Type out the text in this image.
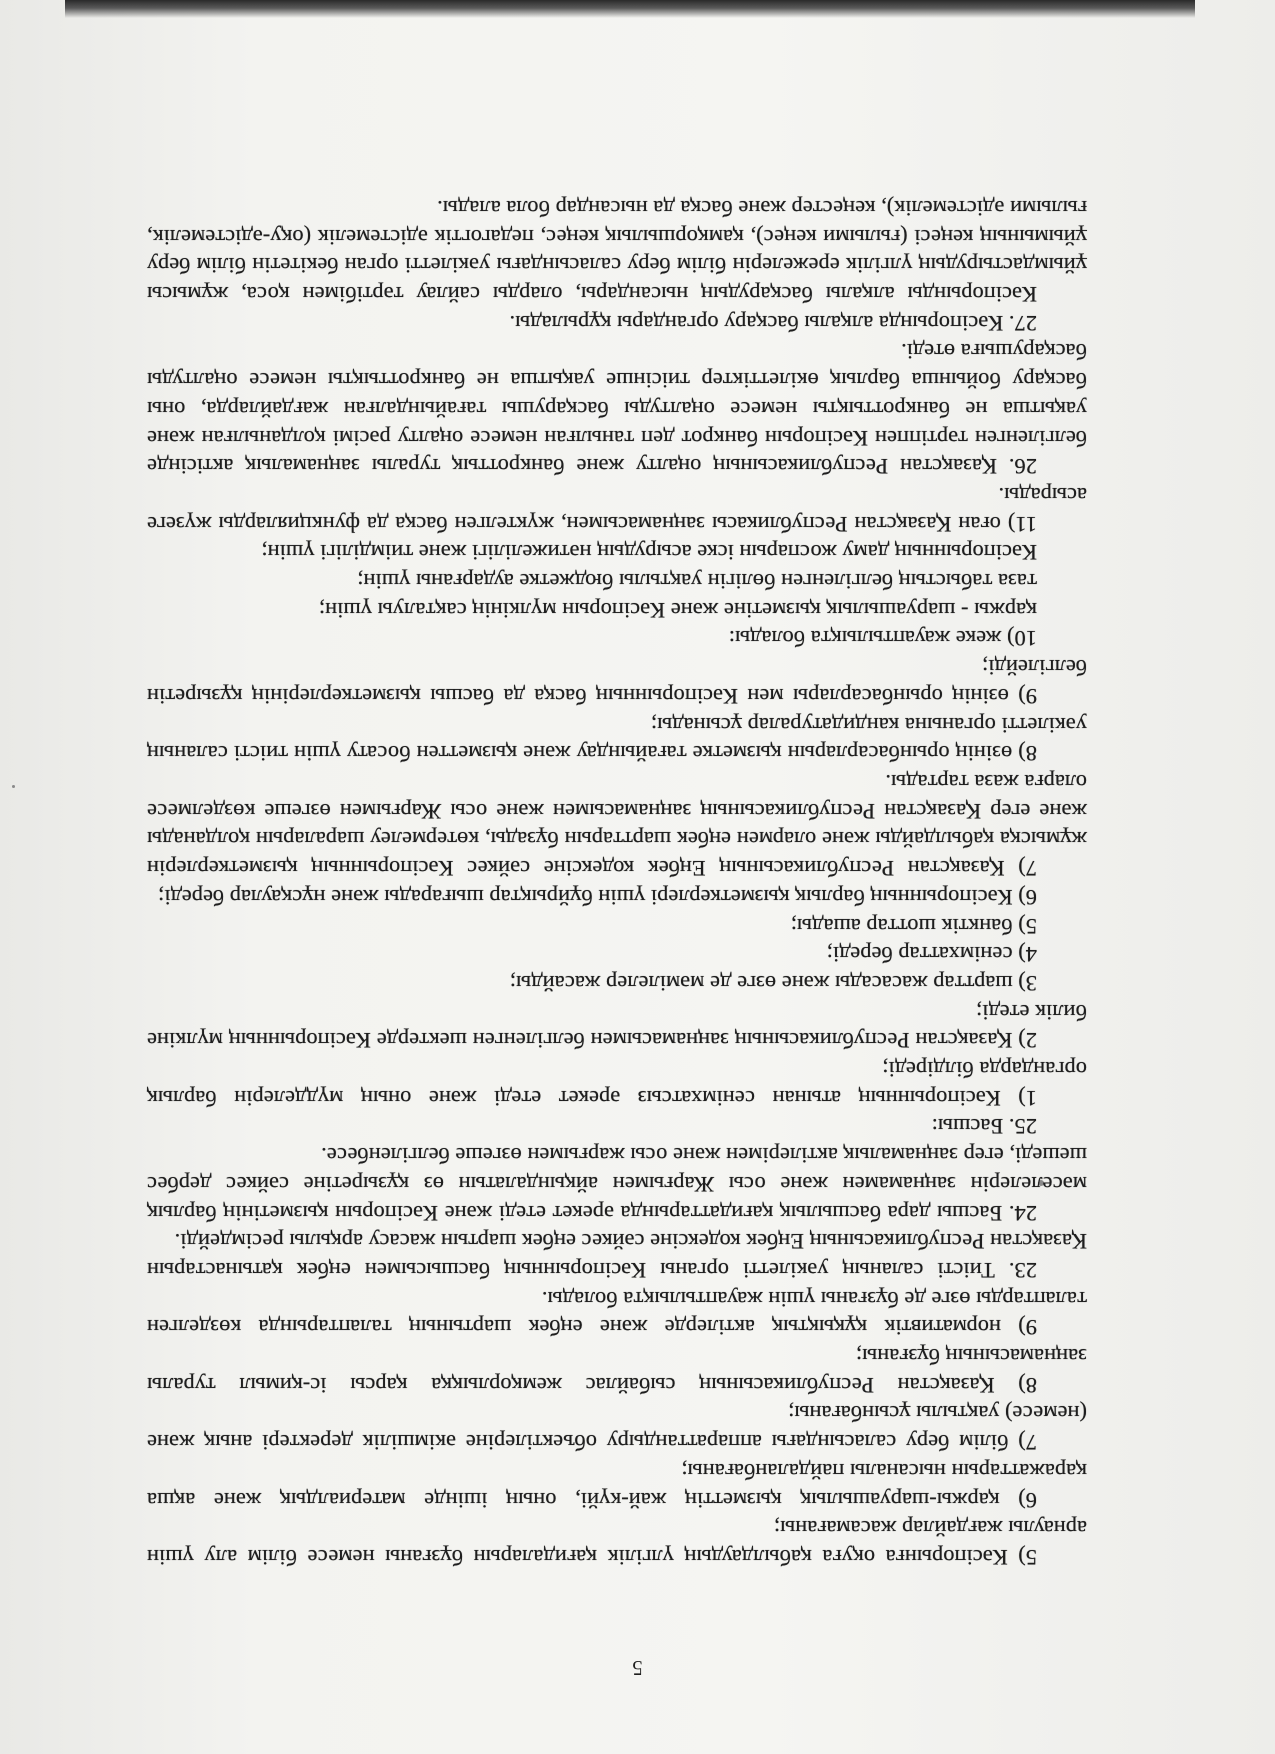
5) Кәсіпорынға оқуға қабылдаудың үлгілік қағидаларын бұзғаны немесе білім алу үшін арнаулы жағдайлар жасамағаны;

6) қаржы-шаруашылық қызметтің жай-күйі, оның ішінде материалдық және ақша қаражаттарын нысаналы пайдаланбағаны;

7) білім беру саласындағы аппараттандыру объектілеріне әкімшілік деректері анық және (немесе) уақтылы ұсынбағаны;

8) Қазақстан Республикасының сыбайлас жемқорлыққа қарсы іс-қимыл туралы заңнамасының бұзғаны;

9) нормативтік құқықтық актілерде және еңбек шартының талаптарында көзделген талаптарды өзге де бұзғаны үшін жауаптылықта болады.

23. Тиісті саланың уәкілетті органы Кәсіпорынның басшысымен еңбек қатынастарын Қазақстан Республикасының Еңбек кодексіне сәйкес еңбек шартын жасасу арқылы ресімдейді.

24. Басшы дара басшылық қағидаттарында әрекет етеді және Кәсіпорын қызметінің барлық мәселелерін заңнамамен және осы Жарғымен айқындалатын өз құзыретіне сәйкес дербес шешеді, егер заңнамалық актілерімен және осы жарғымен өзгеше белгіленбесе.

25. Басшы:

1) Кәсіпорынның атынан сенімхатсыз әрекет етеді және оның мүдделерін барлық органдарда білдіреді;

2) Қазақстан Республикасының заңнамасымен белгіленген шектерде Кәсіпорынның мүлкіне билік етеді;

3) шарттар жасасады және өзге де мәмілелер жасайды;

4) сенімхаттар береді;

5) банктік шоттар ашады;

6) Кәсіпорынның барлық қызметкерлері үшін бұйрықтар шығарады және нұсқаулар береді;

7) Қазақстан Республикасының Еңбек кодексіне сәйкес Кәсіпорынның қызметкерлерін жұмысқа қабылдайды және олармен еңбек шарттарын бұзады, көтермелеу шараларын қолданады және егер Қазақстан Республикасының заңнамасымен және осы Жарғымен өзгеше көзделмесе оларға жаза тартады.

8) өзінің орынбасарларын қызметке тағайындау және қызметтен босату үшін тиісті саланың уәкілетті органына кандидатуралар ұсынады;

9) өзінің орынбасарлары мен Кәсіпорынның басқа да басшы қызметкерлерінің құзыретін белгілейді;

10) жеке жауаптылықта болады:

қаржы - шаруашылық қызметіне және Кәсіпорын мүлкінің сақталуы үшін;

таза табыстың белгіленген бөлігін уақтылы бюджетке аударғаны үшін;

Кәсіпорынның даму жоспарын іске асырудың нәтижелілігі және тиімділігі үшін;

11) оған Қазақстан Республикасы заңнамасымен, жүктелген басқа да функцияларды жүзеге асырады.

26. Қазақстан Республикасының оңалту және банкроттық туралы заңнамалық актісінде белгіленген тәртіппен Кәсіпорын банкрот деп танылған немесе оңалту рәсімі қолданылған және уақытша не банкроттықты немесе оңалтуды басқарушы тағайындалған жағдайларда, оны басқару бойынша барлық өкілеттіктер тиісінше уақытша не банкроттықты немесе оңалтуды басқарушыға өтеді.

27. Кәсіпорында алқалы басқару органдары құрылады.

Кәсіпорынды алқалы басқарудың нысандары, оларды сайлау тәртібімен қоса, жұмысы ұйымдастырудың үлгілік ережелерін білім беру саласындағы уәкілетті орган бекітетін білім беру ұйымының кеңесі (ғылыми кеңес), қамқоршылық кеңес, педагогтік әдістемелік (оқу-әдістемелік, ғылыми әдістемелік), кеңестер және басқа да нысандар бола алады.

5
